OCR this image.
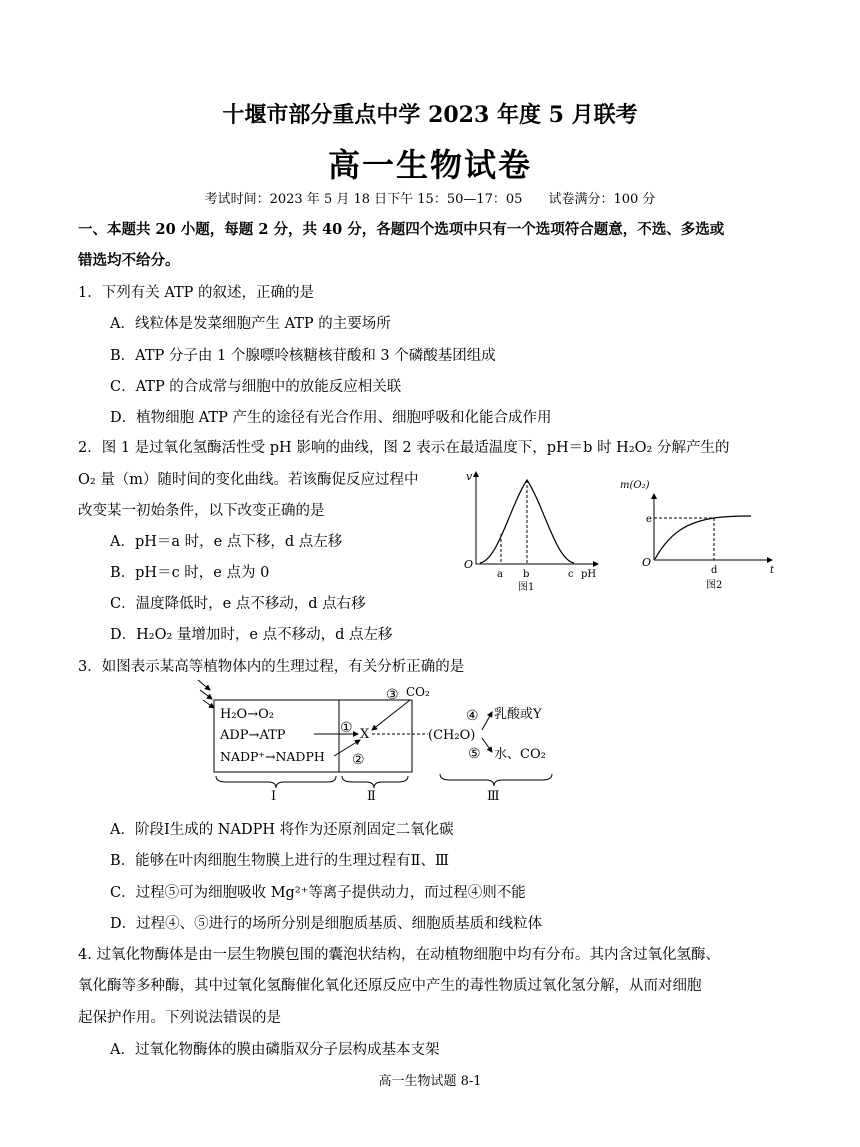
十堰市部分重点中学 2023 年度 5 月联考
高一生物试卷
考试时间：2023 年 5 月 18 日下午 15：50—17：05　　试卷满分：100 分
一、本题共 20 小题，每题 2 分，共 40 分，各题四个选项中只有一个选项符合题意，不选、多选或
错选均不给分。
1．下列有关 ATP 的叙述，正确的是
A．线粒体是发菜细胞产生 ATP 的主要场所
B．ATP 分子由 1 个腺嘌呤核糖核苷酸和 3 个磷酸基团组成
C．ATP 的合成常与细胞中的放能反应相关联
D．植物细胞 ATP 产生的途径有光合作用、细胞呼吸和化能合成作用
2．图 1 是过氧化氢酶活性受 pH 影响的曲线，图 2 表示在最适温度下，pH＝b 时 H₂O₂ 分解产生的
O₂ 量（m）随时间的变化曲线。若该酶促反应过程中
改变某一初始条件，以下改变正确的是
A．pH＝a 时，e 点下移，d 点左移
B．pH＝c 时，e 点为 0
C．温度降低时，e 点不移动，d 点右移
D．H₂O₂ 量增加时，e 点不移动，d 点左移
v
O
a b	c pH
图1
m(O₂)
O
e
d	t
图2
3．如图表示某高等植物体内的生理过程，有关分析正确的是
H₂O→O₂
ADP→ATP
NADP⁺→NADPH
①
②
③ CO₂
X	(CH₂O)
④ 乳酸或Y
⑤ 水、CO₂
Ⅰ	Ⅱ	Ⅲ
A．阶段Ⅰ生成的 NADPH 将作为还原剂固定二氧化碳
B．能够在叶肉细胞生物膜上进行的生理过程有Ⅱ、Ⅲ
C．过程⑤可为细胞吸收 Mg²⁺等离子提供动力，而过程④则不能
D．过程④、⑤进行的场所分别是细胞质基质、细胞质基质和线粒体
4. 过氧化物酶体是由一层生物膜包围的囊泡状结构，在动植物细胞中均有分布。其内含过氧化氢酶、
氧化酶等多种酶，其中过氧化氢酶催化氧化还原反应中产生的毒性物质过氧化氢分解，从而对细胞
起保护作用。下列说法错误的是
A．过氧化物酶体的膜由磷脂双分子层构成基本支架
高一生物试题 8-1
